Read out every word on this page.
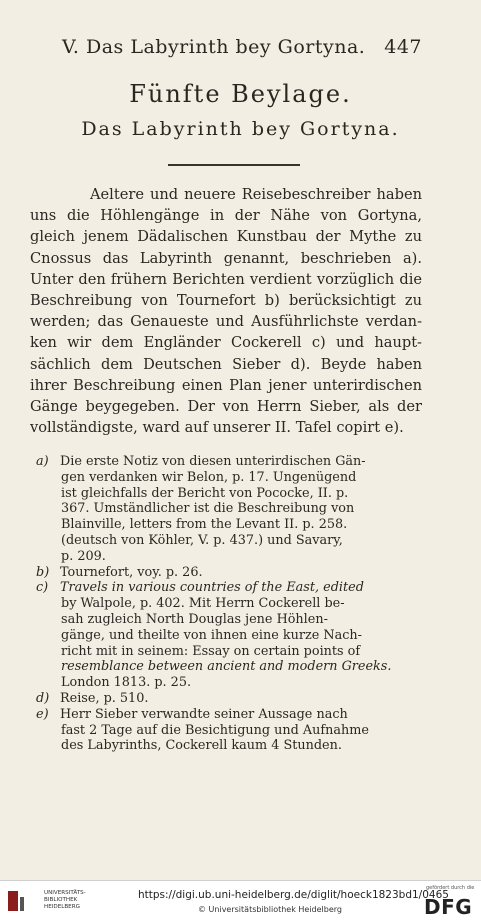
V. Das Labyrinth bey Gortyna. 447
Fünfte Beylage.
Das Labyrinth bey Gortyna.
Aeltere und neuere Reisebeschreiber haben
uns die Höhlengänge in der Nähe von Gortyna,
gleich jenem Dädalischen Kunstbau der Mythe zu
Cnossus das Labyrinth genannt, beschrieben a).
Unter den frühern Berichten verdient vorzüglich die
Beschreibung von Tournefort b) berücksichtigt zu
werden; das Genaueste und Ausführlichste verdan-
ken wir dem Engländer Cockerell c) und haupt-
sächlich dem Deutschen Sieber d). Beyde haben
ihrer Beschreibung einen Plan jener unterirdischen
Gänge beygegeben. Der von Herrn Sieber, als der
vollständigste, ward auf unserer II. Tafel copirt e).
a) Die erste Notiz von diesen unterirdischen Gän-
gen verdanken wir Belon, p. 17. Ungenügend
ist gleichfalls der Bericht von Pococke, II. p.
367. Umständlicher ist die Beschreibung von
Blainville, letters from the Levant II. p. 258.
(deutsch von Köhler, V. p. 437.) und Savary,
p. 209.
b) Tournefort, voy. p. 26.
c) Travels in various countries of the East, edited
by Walpole, p. 402. Mit Herrn Cockerell be-
sah zugleich North Douglas jene Höhlen-
gänge, und theilte von ihnen eine kurze Nach-
richt mit in seinem: Essay on certain points of
resemblance between ancient and modern Greeks.
London 1813. p. 25.
d) Reise, p. 510.
e) Herr Sieber verwandte seiner Aussage nach
fast 2 Tage auf die Besichtigung und Aufnahme
des Labyrinths, Cockerell kaum 4 Stunden.
UNIVERSITÄTS-
BIBLIOTHEK
HEIDELBERG
https://digi.ub.uni-heidelberg.de/diglit/hoeck1823bd1/0465
© Universitätsbibliothek Heidelberg
gefördert durch die
DFG
